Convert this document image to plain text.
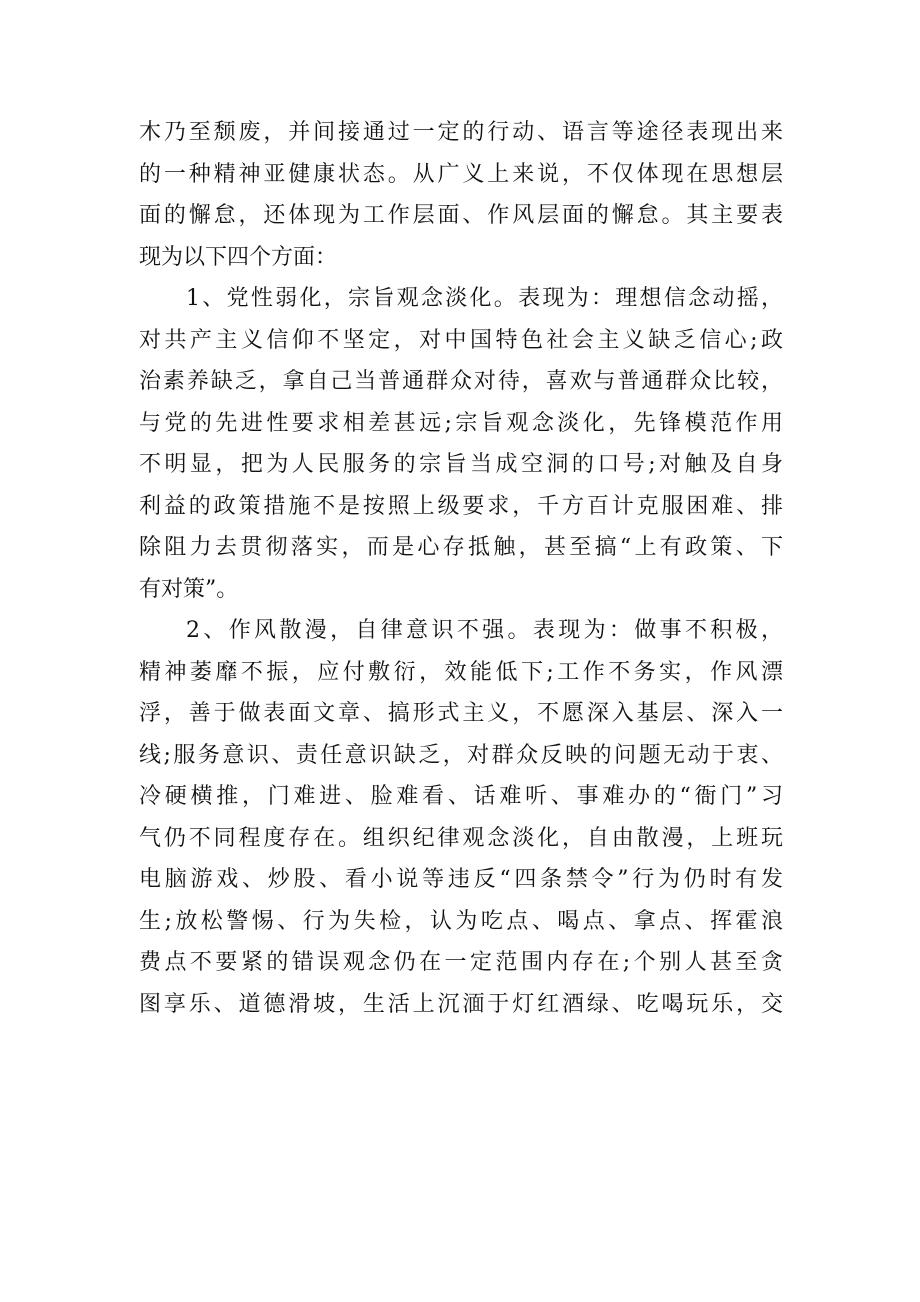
木乃至颓废，并间接通过一定的行动、语言等途径表现出来
的一种精神亚健康状态。从广义上来说，不仅体现在思想层
面的懈怠，还体现为工作层面、作风层面的懈怠。其主要表
现为以下四个方面：
1、党性弱化，宗旨观念淡化。表现为：理想信念动摇，
对共产主义信仰不坚定，对中国特色社会主义缺乏信心;政
治素养缺乏，拿自己当普通群众对待，喜欢与普通群众比较，
与党的先进性要求相差甚远;宗旨观念淡化，先锋模范作用
不明显，把为人民服务的宗旨当成空洞的口号;对触及自身
利益的政策措施不是按照上级要求，千方百计克服困难、排
除阻力去贯彻落实，而是心存抵触，甚至搞“上有政策、下
有对策”。
2、作风散漫，自律意识不强。表现为：做事不积极，
精神萎靡不振，应付敷衍，效能低下;工作不务实，作风漂
浮，善于做表面文章、搞形式主义，不愿深入基层、深入一
线;服务意识、责任意识缺乏，对群众反映的问题无动于衷、
冷硬横推，门难进、脸难看、话难听、事难办的“衙门”习
气仍不同程度存在。组织纪律观念淡化，自由散漫，上班玩
电脑游戏、炒股、看小说等违反“四条禁令”行为仍时有发
生;放松警惕、行为失检，认为吃点、喝点、拿点、挥霍浪
费点不要紧的错误观念仍在一定范围内存在;个别人甚至贪
图享乐、道德滑坡，生活上沉湎于灯红酒绿、吃喝玩乐，交
